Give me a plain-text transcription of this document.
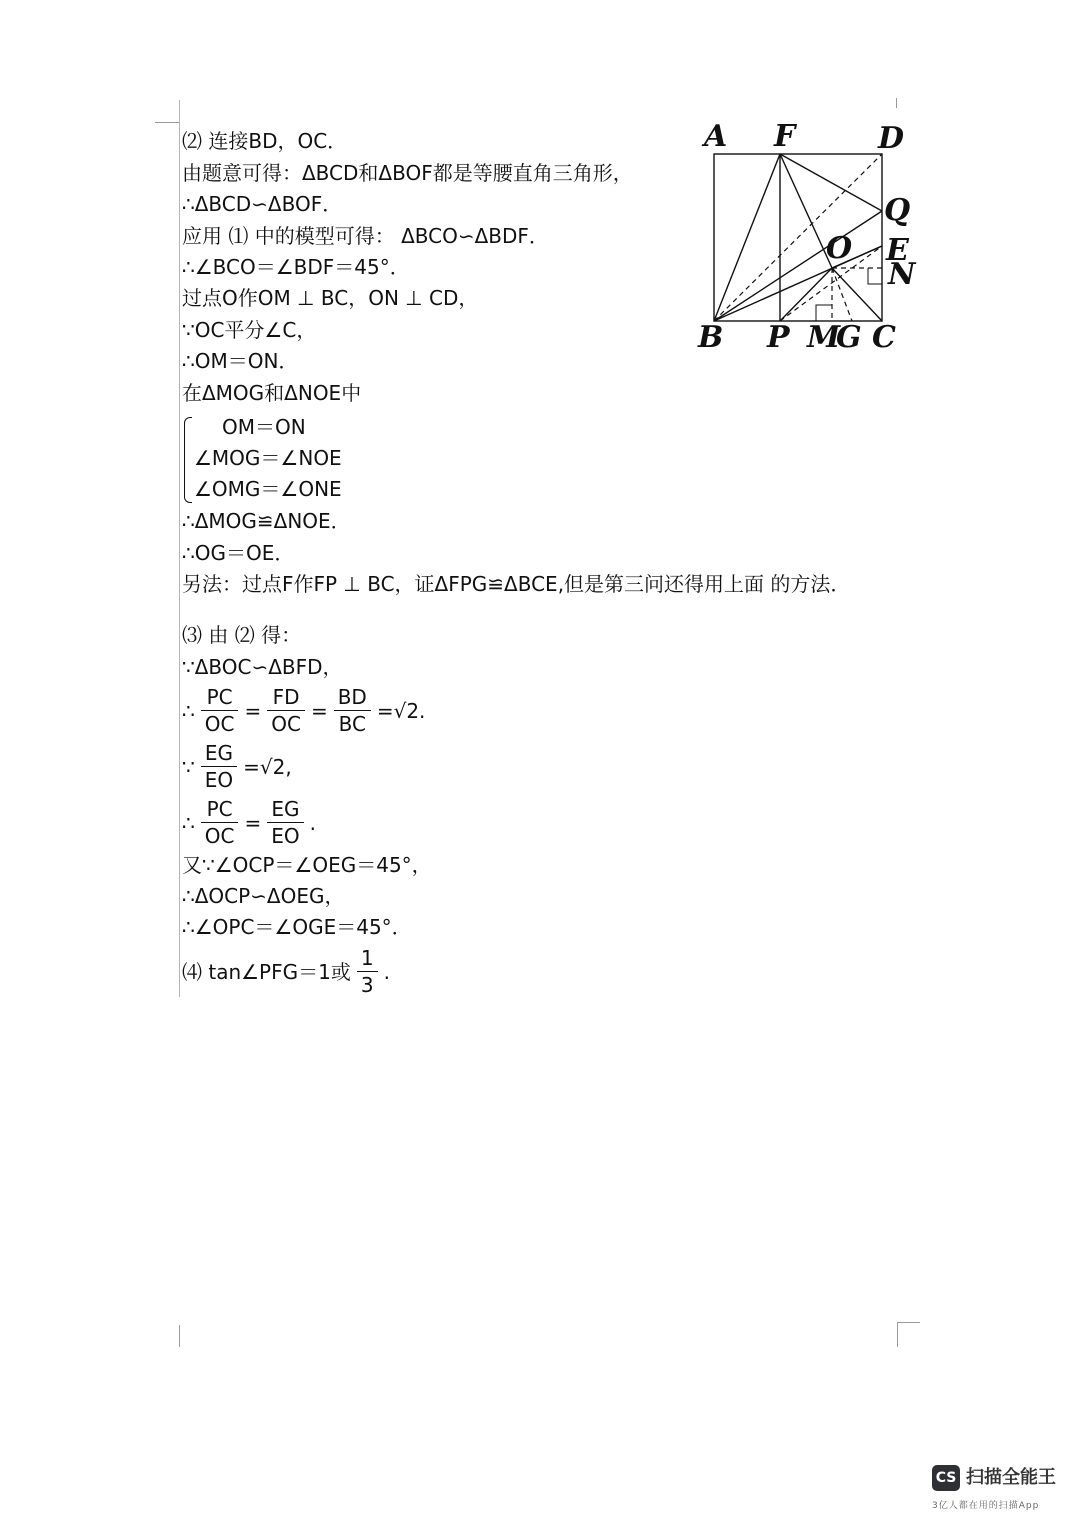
⑵ 连接BD，OC．
由题意可得：ΔBCD和ΔBOF都是等腰直角三角形，
∴ΔBCD∽ΔBOF．
应用 ⑴ 中的模型可得： ΔBCO∽ΔBDF．
∴∠BCO＝∠BDF＝45°．
过点O作OM ⊥ BC，ON ⊥ CD，
∵OC平分∠C，
∴OM＝ON．
在ΔMOG和ΔNOE中
OM＝ON
∠MOG＝∠NOE
∠OMG＝∠ONE
∴ΔMOG≌ΔNOE．
∴OG＝OE．
另法：过点F作FP ⊥ BC，证ΔFPG≌ΔBCE,但是第三问还得用上面 的方法．
⑶ 由 ⑵ 得：
∵ΔBOC∽ΔBFD，
∴ $\frac{PC}{OC} = \frac{FD}{OC} = \frac{BD}{BC} =√2$.
∵ $\frac{EG}{EO} =√2$,
∴ $\frac{PC}{OC} = \frac{EG}{EO}$ .
又∵∠OCP＝∠OEG＝45°，
∴ΔOCP∽ΔOEG，
∴∠OPC＝∠OGE＝45°．
⑷ tan∠PFG＝1或 $\frac{1}{3}$ .
A F	D
Q
O E
N
B P M
G C
CS 扫描全能王
3亿人都在用的扫描App
